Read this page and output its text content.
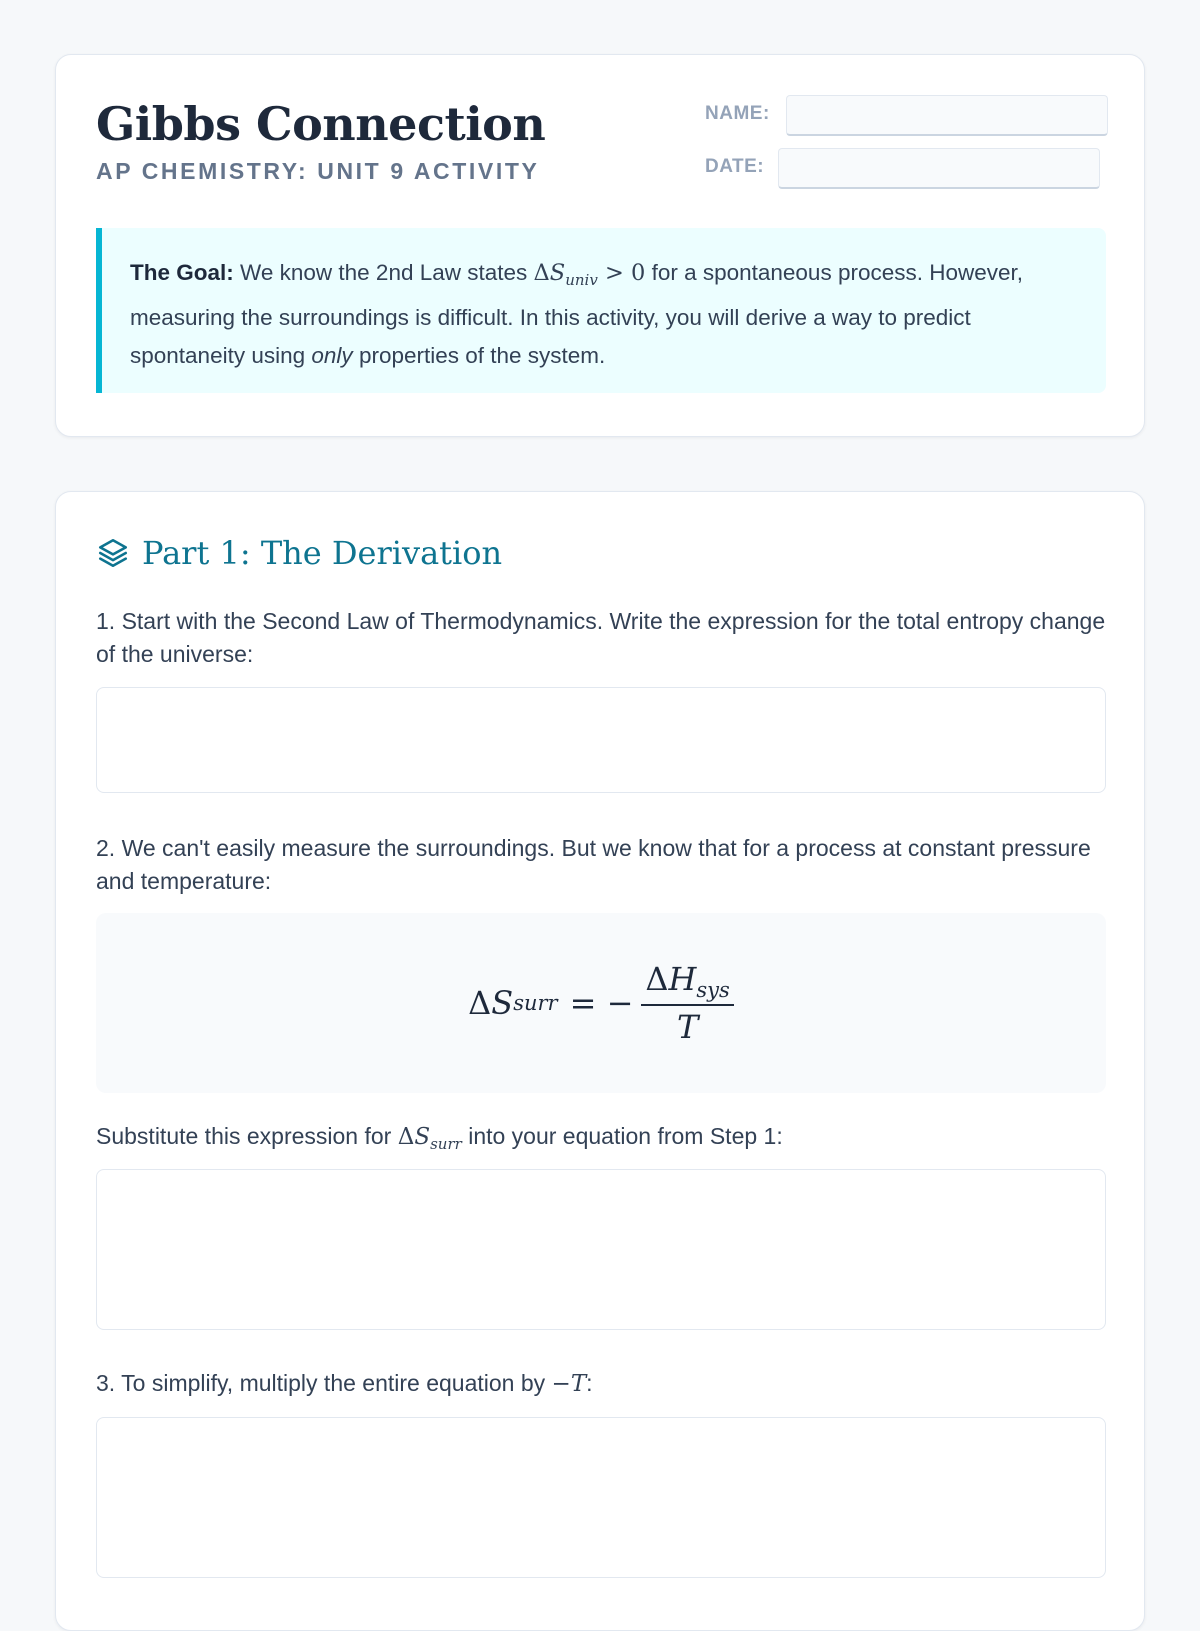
Gibbs Connection
AP CHEMISTRY: UNIT 9 ACTIVITY
NAME:
DATE:
The Goal: We know the 2nd Law states $\Delta S_{univ} > 0$ for a spontaneous process. However, measuring the surroundings is difficult. In this activity, you will derive a way to predict spontaneity using only properties of the system.
Part 1: The Derivation

1. Start with the Second Law of Thermodynamics. Write the expression for the total entropy change of the universe:

2. We can't easily measure the surroundings. But we know that for a process at constant pressure and temperature:

Δ S surr = − $\frac{\Delta H_{sys}}{T}$

Substitute this expression for $\Delta S_{surr}$ into your equation from Step 1:

3. To simplify, multiply the entire equation by −T:
